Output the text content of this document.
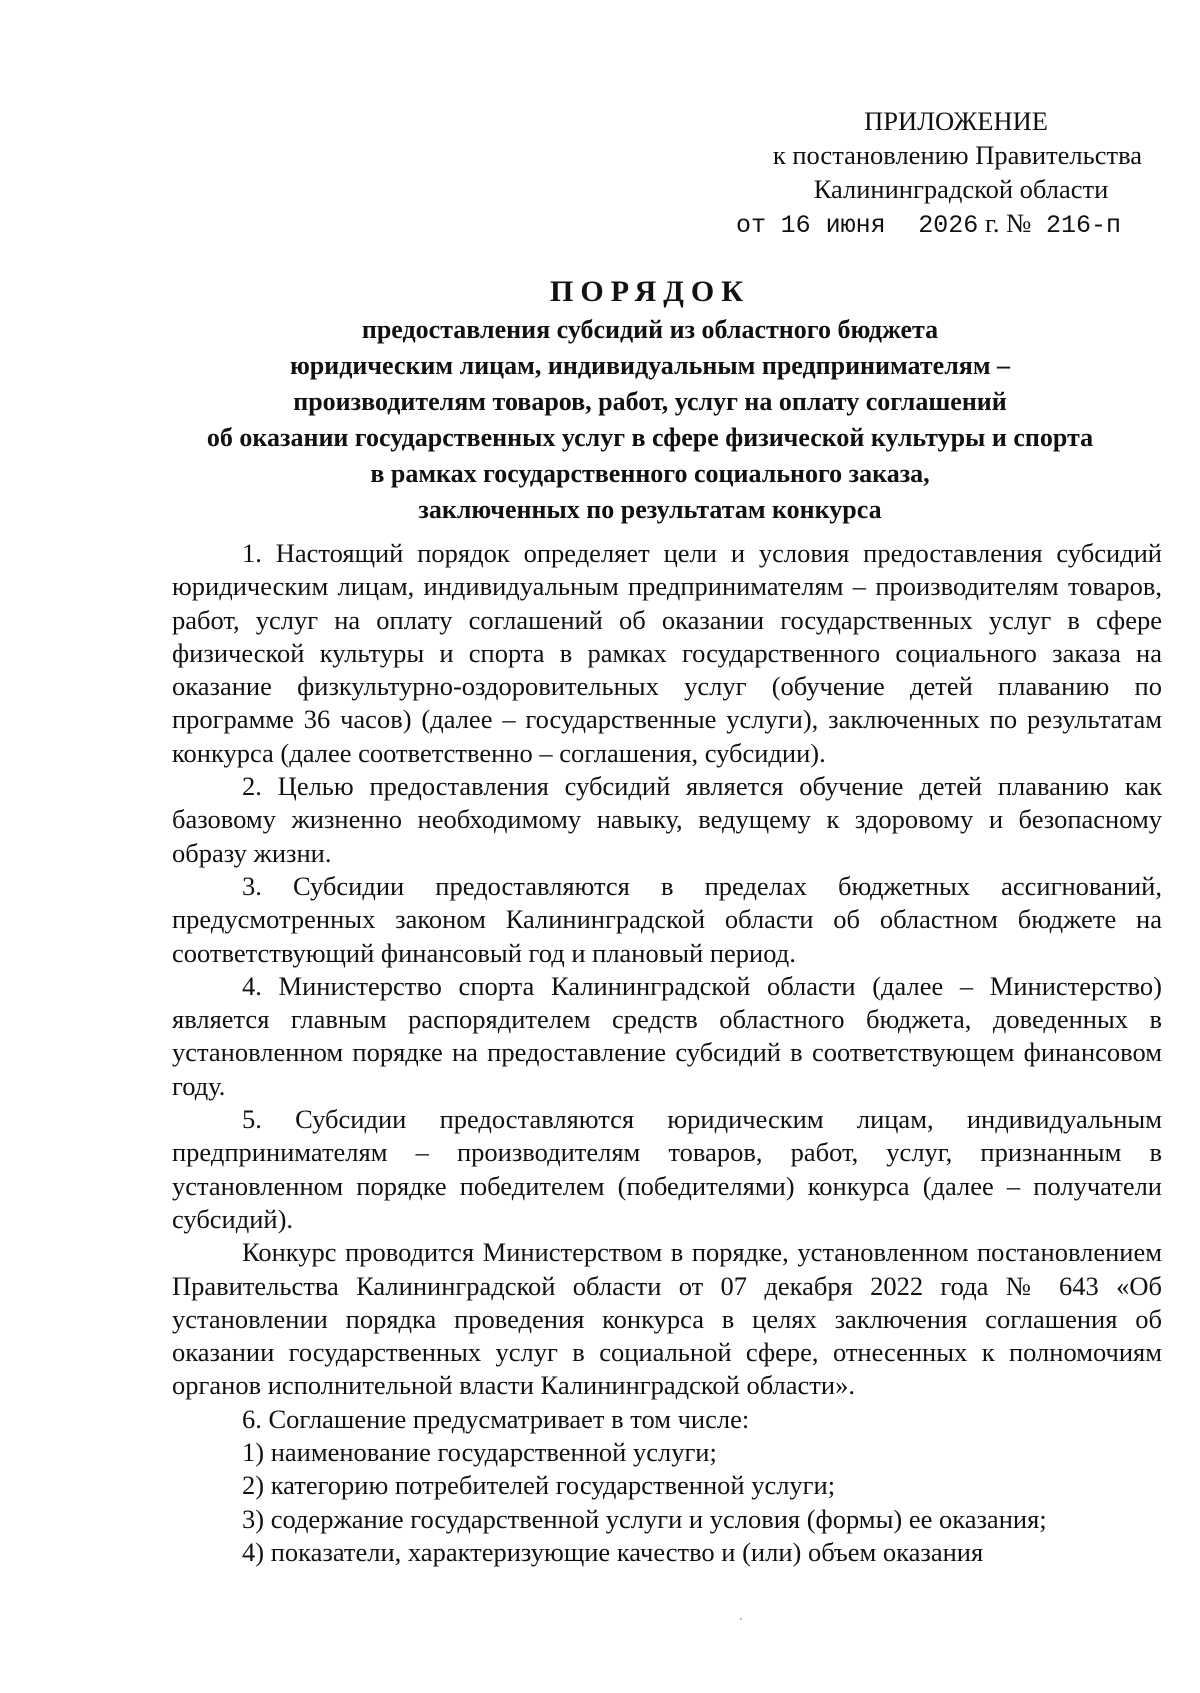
ПРИЛОЖЕНИЕ
к постановлению Правительства
Калининградской области
от 16 июня 2026 г. № 216-п
ПОРЯДОК
предоставления субсидий из областного бюджета
юридическим лицам, индивидуальным предпринимателям –
производителям товаров, работ, услуг на оплату соглашений
об оказании государственных услуг в сфере физической культуры и спорта
в рамках государственного социального заказа,
заключенных по результатам конкурса

1. Настоящий порядок определяет цели и условия предоставления субсидий юридическим лицам, индивидуальным предпринимателям – производителям товаров, работ, услуг на оплату соглашений об оказании государственных услуг в сфере физической культуры и спорта в рамках государственного социального заказа на оказание физкультурно-оздоровительных услуг (обучение детей плаванию по программе 36 часов) (далее – государственные услуги), заключенных по результатам конкурса (далее соответственно – соглашения, субсидии).

2. Целью предоставления субсидий является обучение детей плаванию как базовому жизненно необходимому навыку, ведущему к здоровому и безопасному образу жизни.

3. Субсидии предоставляются в пределах бюджетных ассигнований, предусмотренных законом Калининградской области об областном бюджете на соответствующий финансовый год и плановый период.

4. Министерство спорта Калининградской области (далее – Министерство) является главным распорядителем средств областного бюджета, доведенных в установленном порядке на предоставление субсидий в соответствующем финансовом году.

5. Субсидии предоставляются юридическим лицам, индивидуальным предпринимателям – производителям товаров, работ, услуг, признанным в установленном порядке победителем (победителями) конкурса (далее – получатели субсидий).

Конкурс проводится Министерством в порядке, установленном постановлением Правительства Калининградской области от 07 декабря 2022 года № 643 «Об установлении порядка проведения конкурса в целях заключения соглашения об оказании государственных услуг в социальной сфере, отнесенных к полномочиям органов исполнительной власти Калининградской области».

6. Соглашение предусматривает в том числе:

1) наименование государственной услуги;

2) категорию потребителей государственной услуги;

3) содержание государственной услуги и условия (формы) ее оказания;

4) показатели, характеризующие качество и (или) объем оказания
